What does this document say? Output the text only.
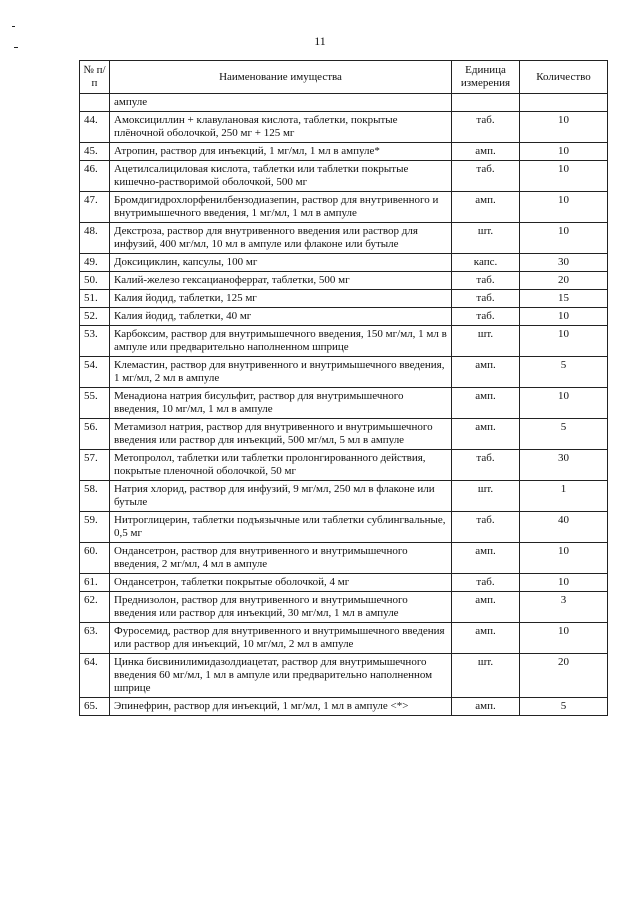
11
№ п/п	Наименование имущества	Единица измерения	Количество
	ампуле		
44.	Амоксициллин + клавулановая кислота, таблетки, покрытые плёночной оболочкой, 250 мг + 125 мг	таб.	10
45.	Атропин, раствор для инъекций, 1 мг/мл, 1 мл в ампуле*	амп.	10
46.	Ацетилсалициловая кислота, таблетки или таблетки покрытые кишечно-растворимой оболочкой, 500 мг	таб.	10
47.	Бромдигидрохлорфенилбензодиазепин, раствор для внутривенного и внутримышечного введения, 1 мг/мл, 1 мл в ампуле	амп.	10
48.	Декстроза, раствор для внутривенного введения или раствор для инфузий, 400 мг/мл, 10 мл в ампуле или флаконе или бутыле	шт.	10
49.	Доксициклин, капсулы, 100 мг	капс.	30
50.	Калий-железо гексацианоферрат, таблетки, 500 мг	таб.	20
51.	Калия йодид, таблетки, 125 мг	таб.	15
52.	Калия йодид, таблетки, 40 мг	таб.	10
53.	Карбоксим, раствор для внутримышечного введения, 150 мг/мл, 1 мл в ампуле или предварительно наполненном шприце	шт.	10
54.	Клемастин, раствор для внутривенного и внутримышечного введения, 1 мг/мл, 2 мл в ампуле	амп.	5
55.	Менадиона натрия бисульфит, раствор для внутримышечного введения, 10 мг/мл, 1 мл в ампуле	амп.	10
56.	Метамизол натрия, раствор для внутривенного и внутримышечного введения или раствор для инъекций, 500 мг/мл, 5 мл в ампуле	амп.	5
57.	Метопролол, таблетки или таблетки пролонгированного действия, покрытые пленочной оболочкой, 50 мг	таб.	30
58.	Натрия хлорид, раствор для инфузий, 9 мг/мл, 250 мл в флаконе или бутыле	шт.	1
59.	Нитроглицерин, таблетки подъязычные или таблетки сублингвальные, 0,5 мг	таб.	40
60.	Ондансетрон, раствор для внутривенного и внутримышечного введения, 2 мг/мл, 4 мл в ампуле	амп.	10
61.	Ондансетрон, таблетки покрытые оболочкой, 4 мг	таб.	10
62.	Преднизолон, раствор для внутривенного и внутримышечного введения или раствор для инъекций, 30 мг/мл, 1 мл в ампуле	амп.	3
63.	Фуросемид, раствор для внутривенного и внутримышечного введения или раствор для инъекций, 10 мг/мл, 2 мл в ампуле	амп.	10
64.	Цинка бисвинилимидазолдиацетат, раствор для внутримышечного введения 60 мг/мл, 1 мл в ампуле или предварительно наполненном шприце	шт.	20
65.	Эпинефрин, раствор для инъекций, 1 мг/мл, 1 мл в ампуле <*>	амп.	5
